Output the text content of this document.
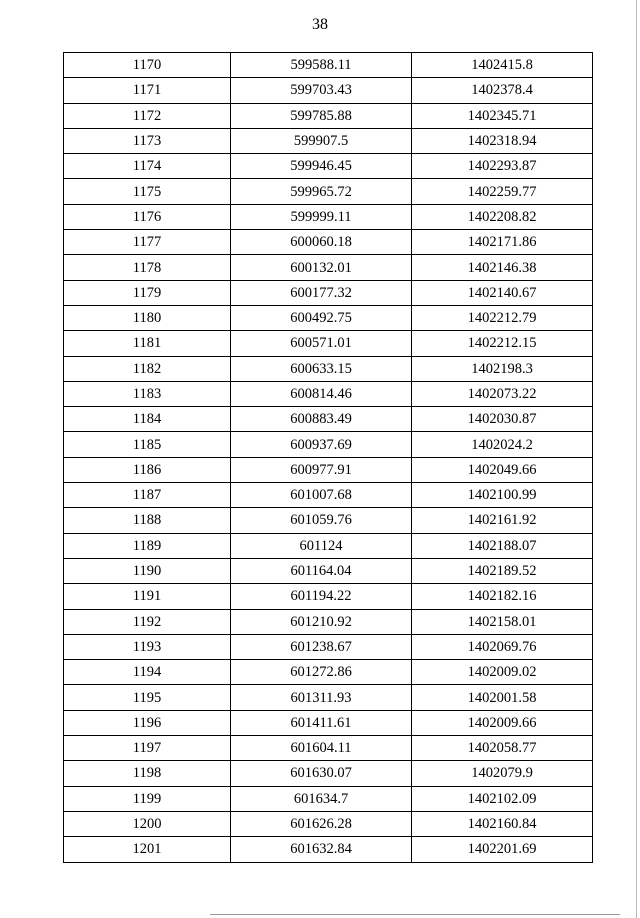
38
1170	599588.11	1402415.8
1171	599703.43	1402378.4
1172	599785.88	1402345.71
1173	599907.5	1402318.94
1174	599946.45	1402293.87
1175	599965.72	1402259.77
1176	599999.11	1402208.82
1177	600060.18	1402171.86
1178	600132.01	1402146.38
1179	600177.32	1402140.67
1180	600492.75	1402212.79
1181	600571.01	1402212.15
1182	600633.15	1402198.3
1183	600814.46	1402073.22
1184	600883.49	1402030.87
1185	600937.69	1402024.2
1186	600977.91	1402049.66
1187	601007.68	1402100.99
1188	601059.76	1402161.92
1189	601124	1402188.07
1190	601164.04	1402189.52
1191	601194.22	1402182.16
1192	601210.92	1402158.01
1193	601238.67	1402069.76
1194	601272.86	1402009.02
1195	601311.93	1402001.58
1196	601411.61	1402009.66
1197	601604.11	1402058.77
1198	601630.07	1402079.9
1199	601634.7	1402102.09
1200	601626.28	1402160.84
1201	601632.84	1402201.69
